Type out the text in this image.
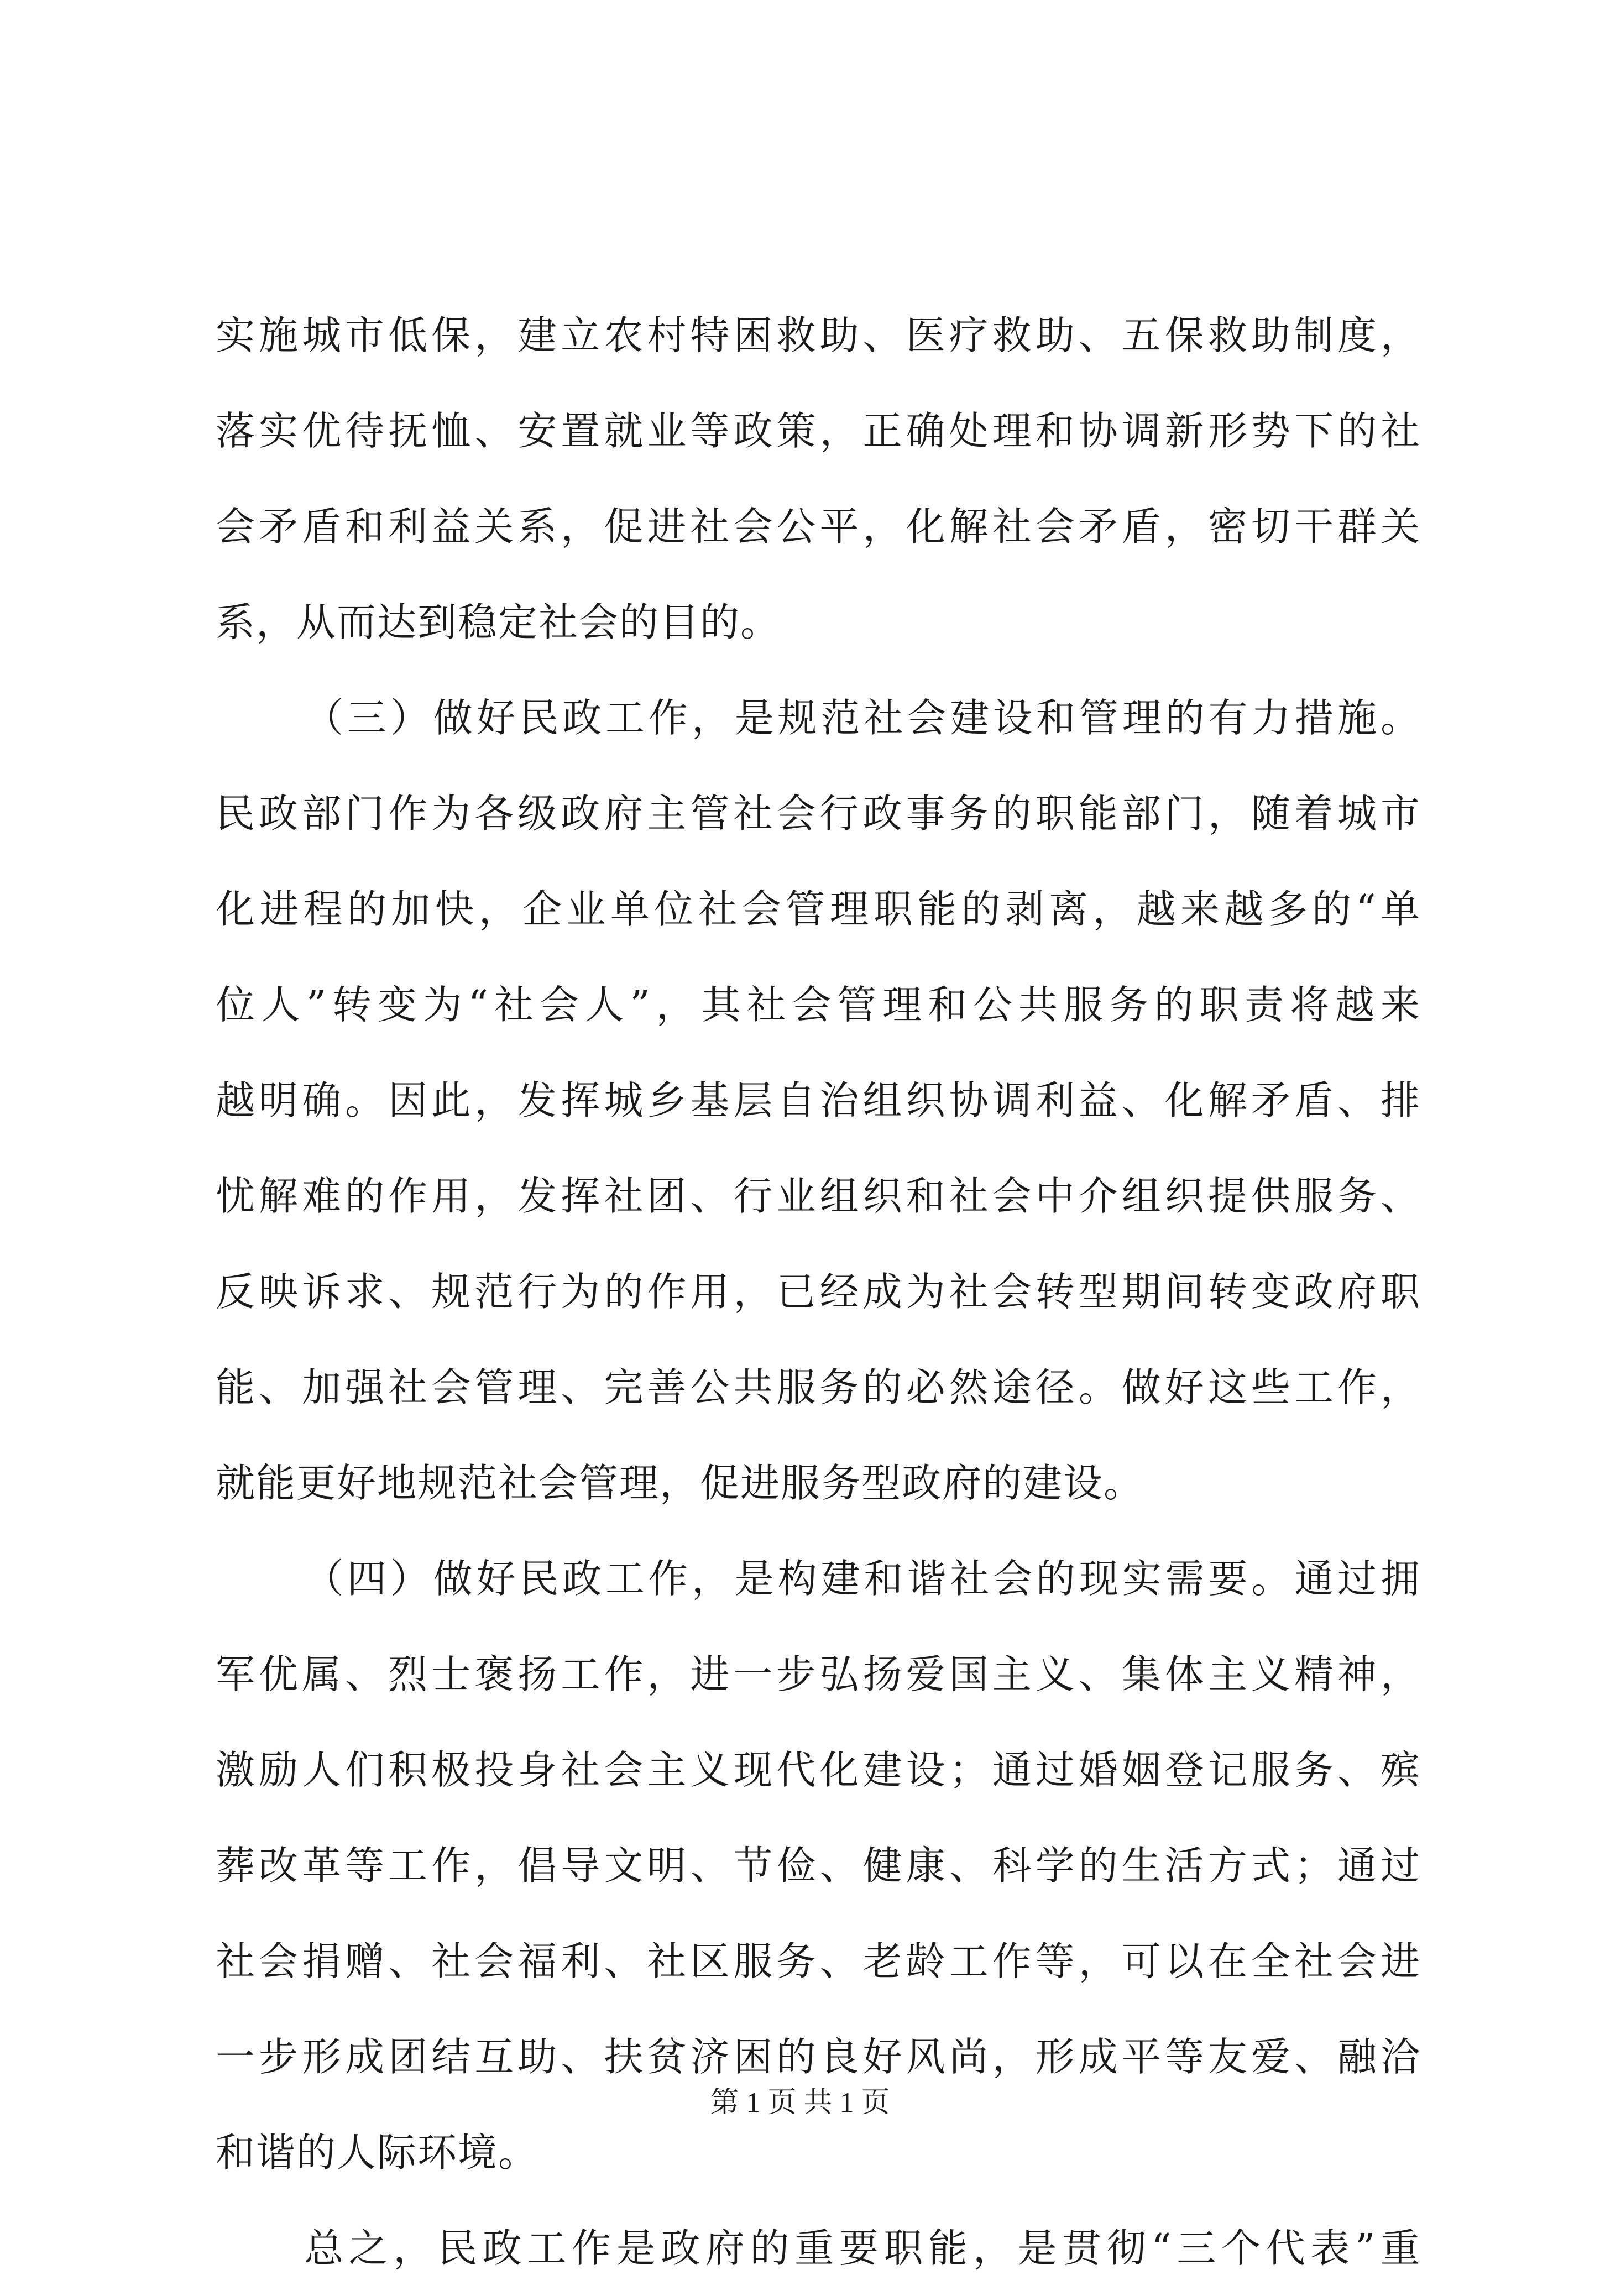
实施城市低保，建立农村特困救助、医疗救助、五保救助制度，
落实优待抚恤、安置就业等政策，正确处理和协调新形势下的社
会矛盾和利益关系，促进社会公平，化解社会矛盾，密切干群关
系，从而达到稳定社会的目的。
（三）做好民政工作，是规范社会建设和管理的有力措施。
民政部门作为各级政府主管社会行政事务的职能部门，随着城市
化进程的加快，企业单位社会管理职能的剥离，越来越多的“单
位人”转变为“社会人”，其社会管理和公共服务的职责将越来
越明确。因此，发挥城乡基层自治组织协调利益、化解矛盾、排
忧解难的作用，发挥社团、行业组织和社会中介组织提供服务、
反映诉求、规范行为的作用，已经成为社会转型期间转变政府职
能、加强社会管理、完善公共服务的必然途径。做好这些工作，
就能更好地规范社会管理，促进服务型政府的建设。
（四）做好民政工作，是构建和谐社会的现实需要。通过拥
军优属、烈士褒扬工作，进一步弘扬爱国主义、集体主义精神，
激励人们积极投身社会主义现代化建设；通过婚姻登记服务、殡
葬改革等工作，倡导文明、节俭、健康、科学的生活方式；通过
社会捐赠、社会福利、社区服务、老龄工作等，可以在全社会进
一步形成团结互助、扶贫济困的良好风尚，形成平等友爱、融洽
和谐的人际环境。
总之，民政工作是政府的重要职能，是贯彻“三个代表”重
第 1 页 共 1 页
